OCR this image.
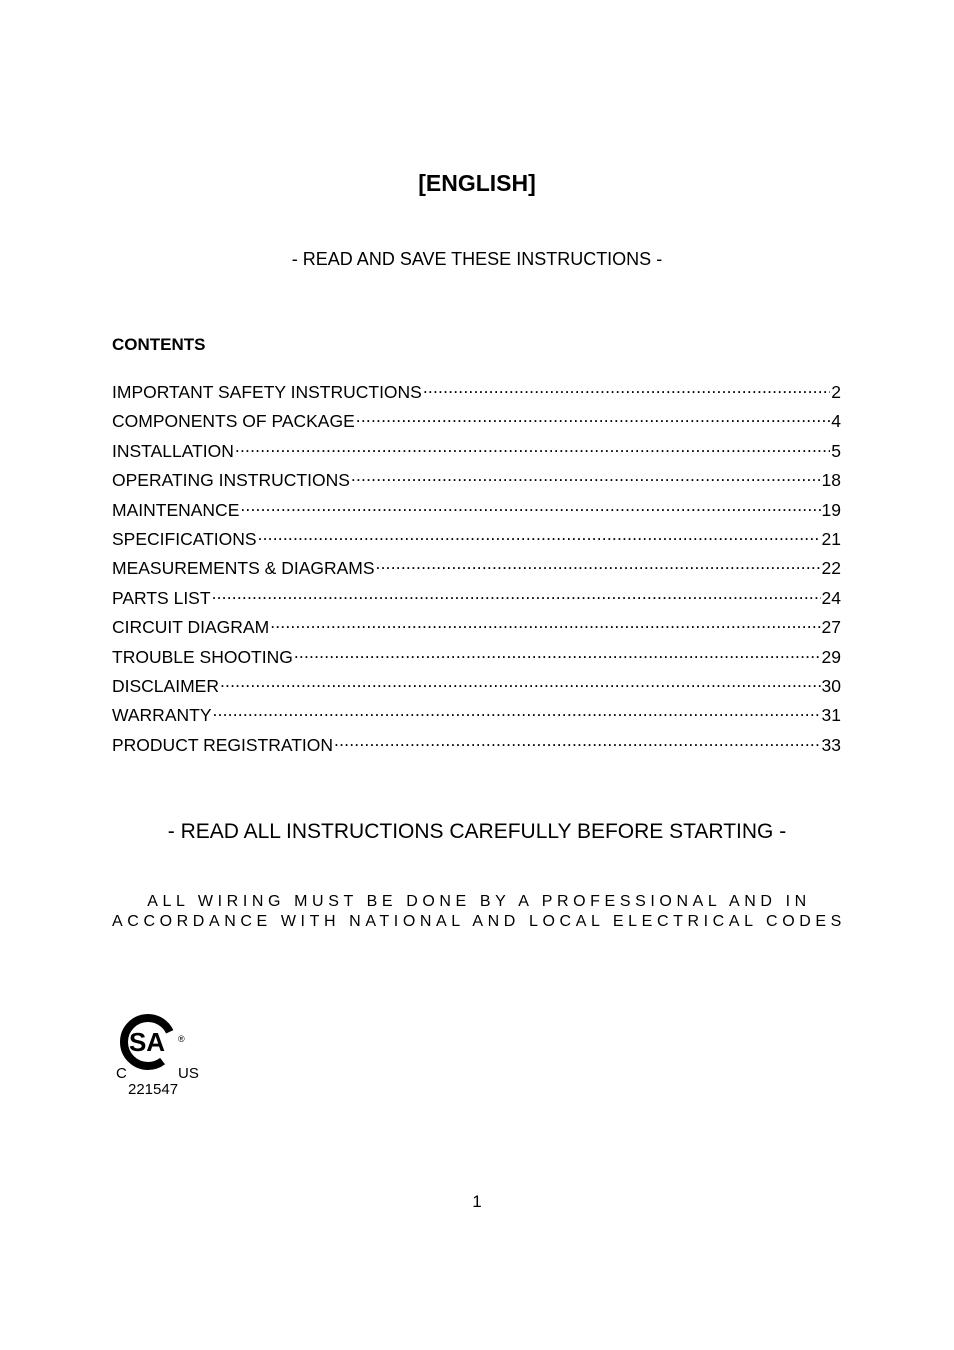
[ENGLISH]
- READ AND SAVE THESE INSTRUCTIONS -
CONTENTS
IMPORTANT SAFETY INSTRUCTIONS .....	2
COMPONENTS OF PACKAGE .....	4
INSTALLATION .....	5
OPERATING INSTRUCTIONS .....	18
MAINTENANCE .....	19
SPECIFICATIONS .....	21
MEASUREMENTS & DIAGRAMS .....	22
PARTS LIST .....	24
CIRCUIT DIAGRAM .....	27
TROUBLE SHOOTING .....	29
DISCLAIMER .....	30
WARRANTY .....	31
PRODUCT REGISTRATION .....	33
- READ ALL INSTRUCTIONS CAREFULLY BEFORE STARTING -
ALL WIRING MUST BE DONE BY A PROFESSIONAL AND IN
ACCORDANCE WITH NATIONAL AND LOCAL ELECTRICAL CODES
SA ®
C	US
221547
1
